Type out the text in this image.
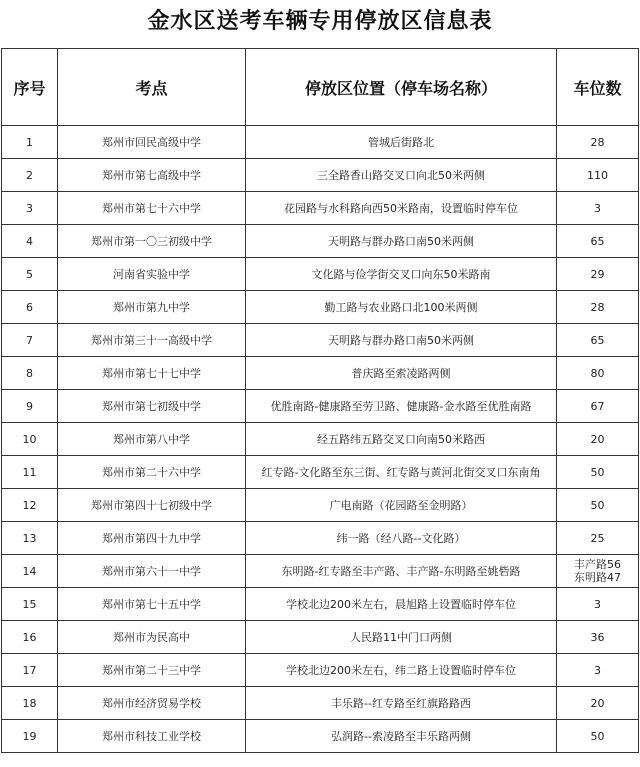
金水区送考车辆专用停放区信息表
序号	考点	停放区位置（停车场名称）	车位数
1	郑州市回民高级中学	管城后街路北	28
2	郑州市第七高级中学	三全路香山路交叉口向北50米两侧	110
3	郑州市第七十六中学	花园路与水科路向西50米路南，设置临时停车位	3
4	郑州市第一〇三初级中学	天明路与群办路口南50米两侧	65
5	河南省实验中学	文化路与俭学街交叉口向东50米路南	29
6	郑州市第九中学	勤工路与农业路口北100米两侧	28
7	郑州市第三十一高级中学	天明路与群办路口南50米两侧	65
8	郑州市第七十七中学	普庆路至索凌路两侧	80
9	郑州市第七初级中学	优胜南路-健康路至劳卫路、健康路-金水路至优胜南路	67
10	郑州市第八中学	经五路纬五路交叉口向南50米路西	20
11	郑州市第二十六中学	红专路-文化路至东三街、红专路与黄河北街交叉口东南角	50
12	郑州市第四十七初级中学	广电南路（花园路至金明路）	50
13	郑州市第四十九中学	纬一路（经八路--文化路）	25
14	郑州市第六十一中学	东明路-红专路至丰产路、丰产路-东明路至姚砦路	丰产路56
东明路47
15	郑州市第七十五中学	学校北边200米左右，晨旭路上设置临时停车位	3
16	郑州市为民高中	人民路11中门口两侧	36
17	郑州市第二十三中学	学校北边200米左右，纬二路上设置临时停车位	3
18	郑州市经济贸易学校	丰乐路--红专路至红旗路路西	20
19	郑州市科技工业学校	弘润路--索凌路至丰乐路两侧	50
